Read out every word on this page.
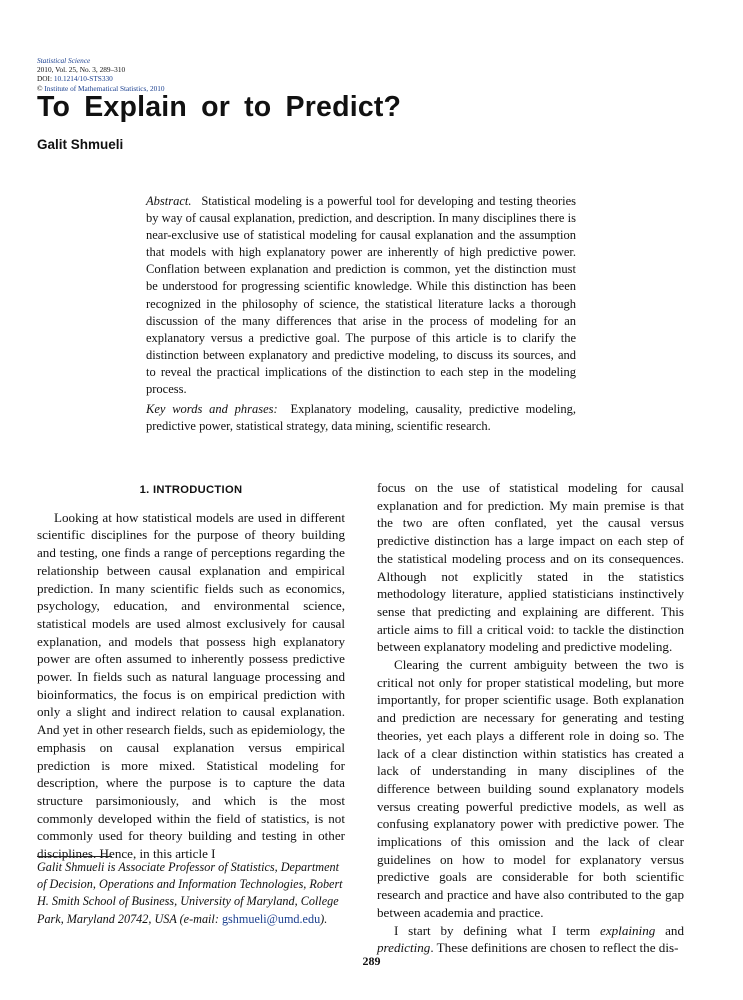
Statistical Science
2010, Vol. 25, No. 3, 289–310
DOI: 10.1214/10-STS330
© Institute of Mathematical Statistics, 2010
To Explain or to Predict?
Galit Shmueli

Abstract. Statistical modeling is a powerful tool for developing and testing theories by way of causal explanation, prediction, and description. In many disciplines there is near-exclusive use of statistical modeling for causal explanation and the assumption that models with high explanatory power are inherently of high predictive power. Conflation between explanation and prediction is common, yet the distinction must be understood for progressing scientific knowledge. While this distinction has been recognized in the philosophy of science, the statistical literature lacks a thorough discussion of the many differences that arise in the process of modeling for an explanatory versus a predictive goal. The purpose of this article is to clarify the distinction between explanatory and predictive modeling, to discuss its sources, and to reveal the practical implications of the distinction to each step in the modeling process.

Key words and phrases: Explanatory modeling, causality, predictive modeling, predictive power, statistical strategy, data mining, scientific research.

1. INTRODUCTION

Looking at how statistical models are used in different scientific disciplines for the purpose of theory building and testing, one finds a range of perceptions regarding the relationship between causal explanation and empirical prediction. In many scientific fields such as economics, psychology, education, and environmental science, statistical models are used almost exclusively for causal explanation, and models that possess high explanatory power are often assumed to inherently possess predictive power. In fields such as natural language processing and bioinformatics, the focus is on empirical prediction with only a slight and indirect relation to causal explanation. And yet in other research fields, such as epidemiology, the emphasis on causal explanation versus empirical prediction is more mixed. Statistical modeling for description, where the purpose is to capture the data structure parsimoniously, and which is the most commonly developed within the field of statistics, is not commonly used for theory building and testing in other disciplines. Hence, in this article I

focus on the use of statistical modeling for causal explanation and for prediction. My main premise is that the two are often conflated, yet the causal versus predictive distinction has a large impact on each step of the statistical modeling process and on its consequences. Although not explicitly stated in the statistics methodology literature, applied statisticians instinctively sense that predicting and explaining are different. This article aims to fill a critical void: to tackle the distinction between explanatory modeling and predictive modeling.

Clearing the current ambiguity between the two is critical not only for proper statistical modeling, but more importantly, for proper scientific usage. Both explanation and prediction are necessary for generating and testing theories, yet each plays a different role in doing so. The lack of a clear distinction within statistics has created a lack of understanding in many disciplines of the difference between building sound explanatory models versus creating powerful predictive models, as well as confusing explanatory power with predictive power. The implications of this omission and the lack of clear guidelines on how to model for explanatory versus predictive goals are considerable for both scientific research and practice and have also contributed to the gap between academia and practice.

I start by defining what I term explaining and predicting. These definitions are chosen to reflect the dis-

Galit Shmueli is Associate Professor of Statistics, Department of Decision, Operations and Information Technologies, Robert H. Smith School of Business, University of Maryland, College Park, Maryland 20742, USA (e-mail: gshmueli@umd.edu).
289
